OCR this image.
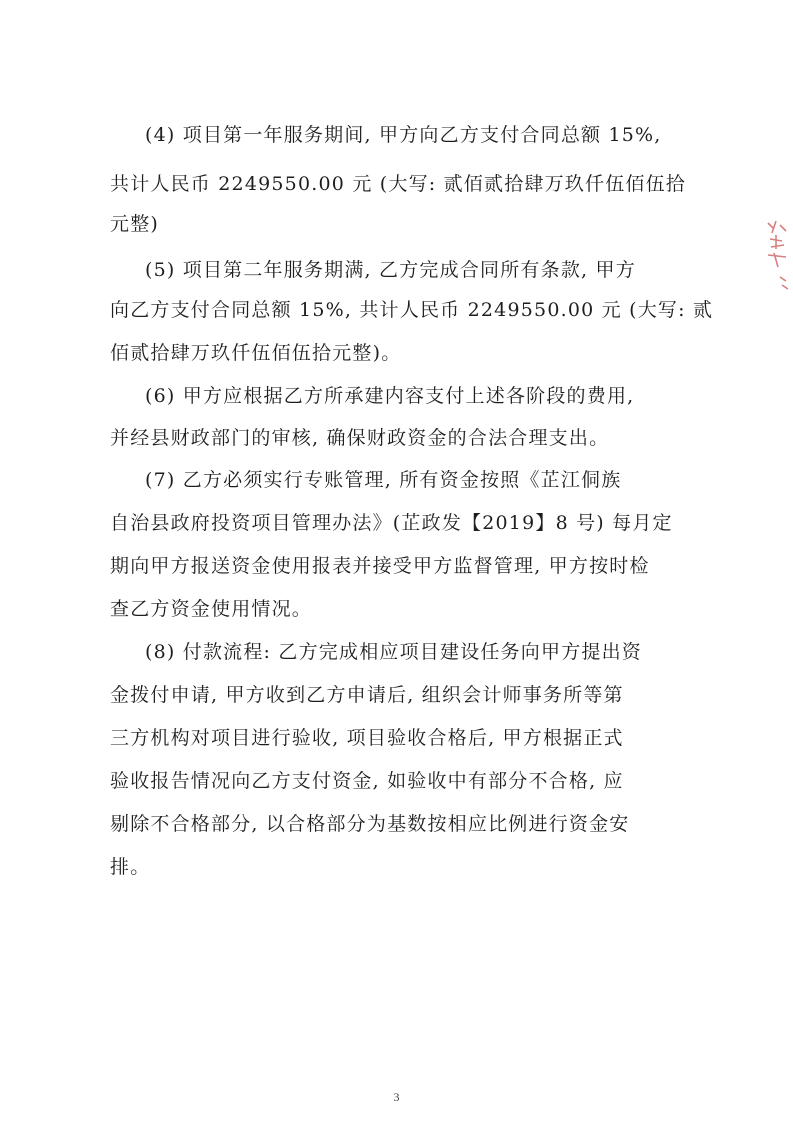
(4) 项目第一年服务期间, 甲方向乙方支付合同总额 15%,
共计人民币 2249550.00 元 (大写: 贰佰贰拾肆万玖仟伍佰伍拾
元整)
(5) 项目第二年服务期满, 乙方完成合同所有条款, 甲方
向乙方支付合同总额 15%, 共计人民币 2249550.00 元 (大写: 贰
佰贰拾肆万玖仟伍佰伍拾元整)。
(6) 甲方应根据乙方所承建内容支付上述各阶段的费用,
并经县财政部门的审核, 确保财政资金的合法合理支出。
(7) 乙方必须实行专账管理, 所有资金按照《芷江侗族
自治县政府投资项目管理办法》(芷政发【2019】8 号) 每月定
期向甲方报送资金使用报表并接受甲方监督管理, 甲方按时检
查乙方资金使用情况。
(8) 付款流程: 乙方完成相应项目建设任务向甲方提出资
金拨付申请, 甲方收到乙方申请后, 组织会计师事务所等第
三方机构对项目进行验收, 项目验收合格后, 甲方根据正式
验收报告情况向乙方支付资金, 如验收中有部分不合格, 应
剔除不合格部分, 以合格部分为基数按相应比例进行资金安
排。
3
